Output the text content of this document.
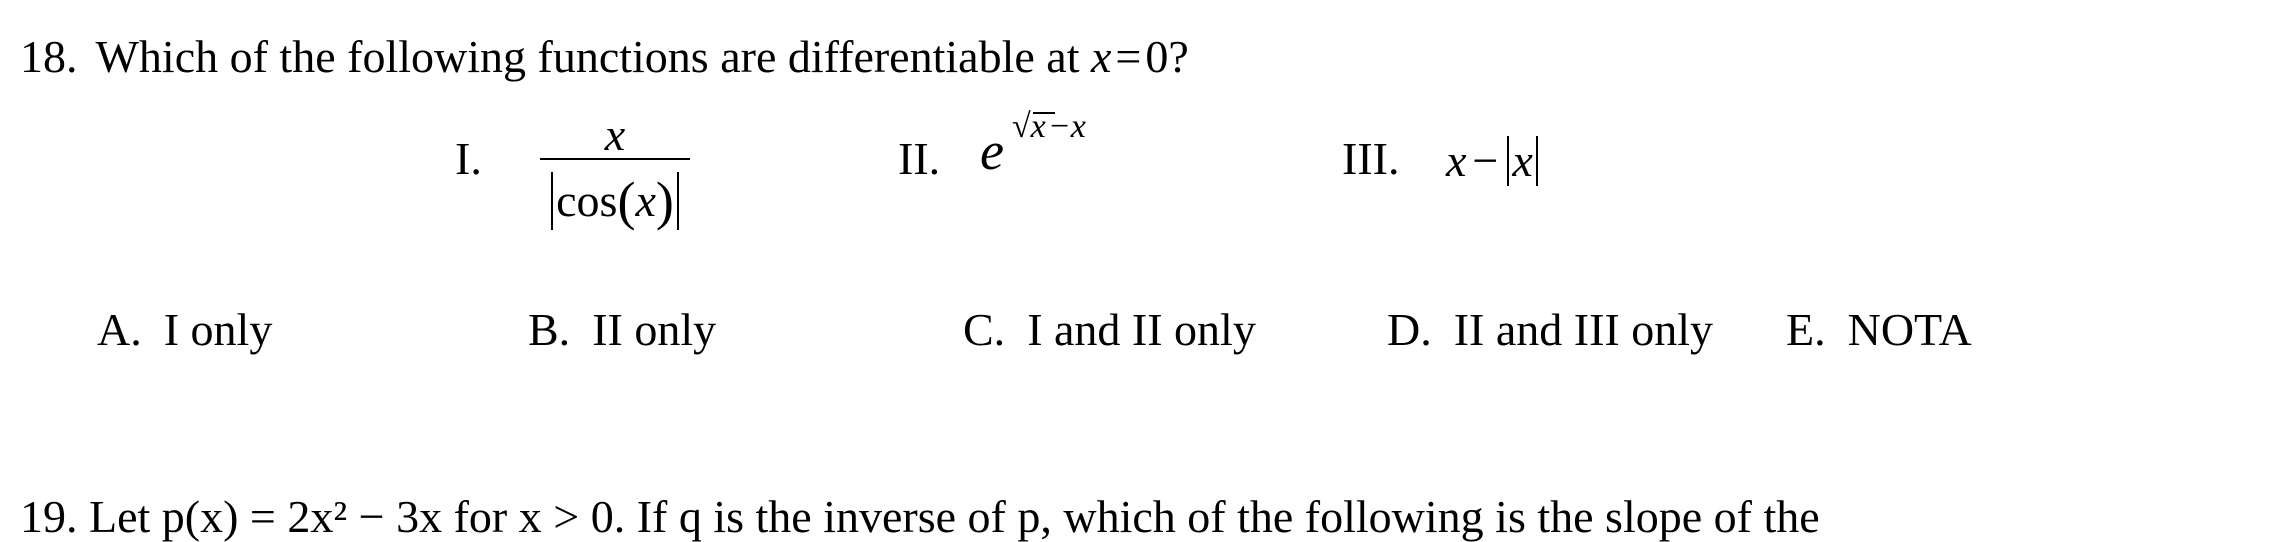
18. Which of the following functions are differentiable at x=0?
I.	x
cos(x)
II. e √x−x
III. x − x
A. I only	B. II only	C. I and II only	D. II and III only E. NOTA
19. Let p(x) = 2x² − 3x for x > 0. If q is the inverse of p, which of the following is the slope of the
